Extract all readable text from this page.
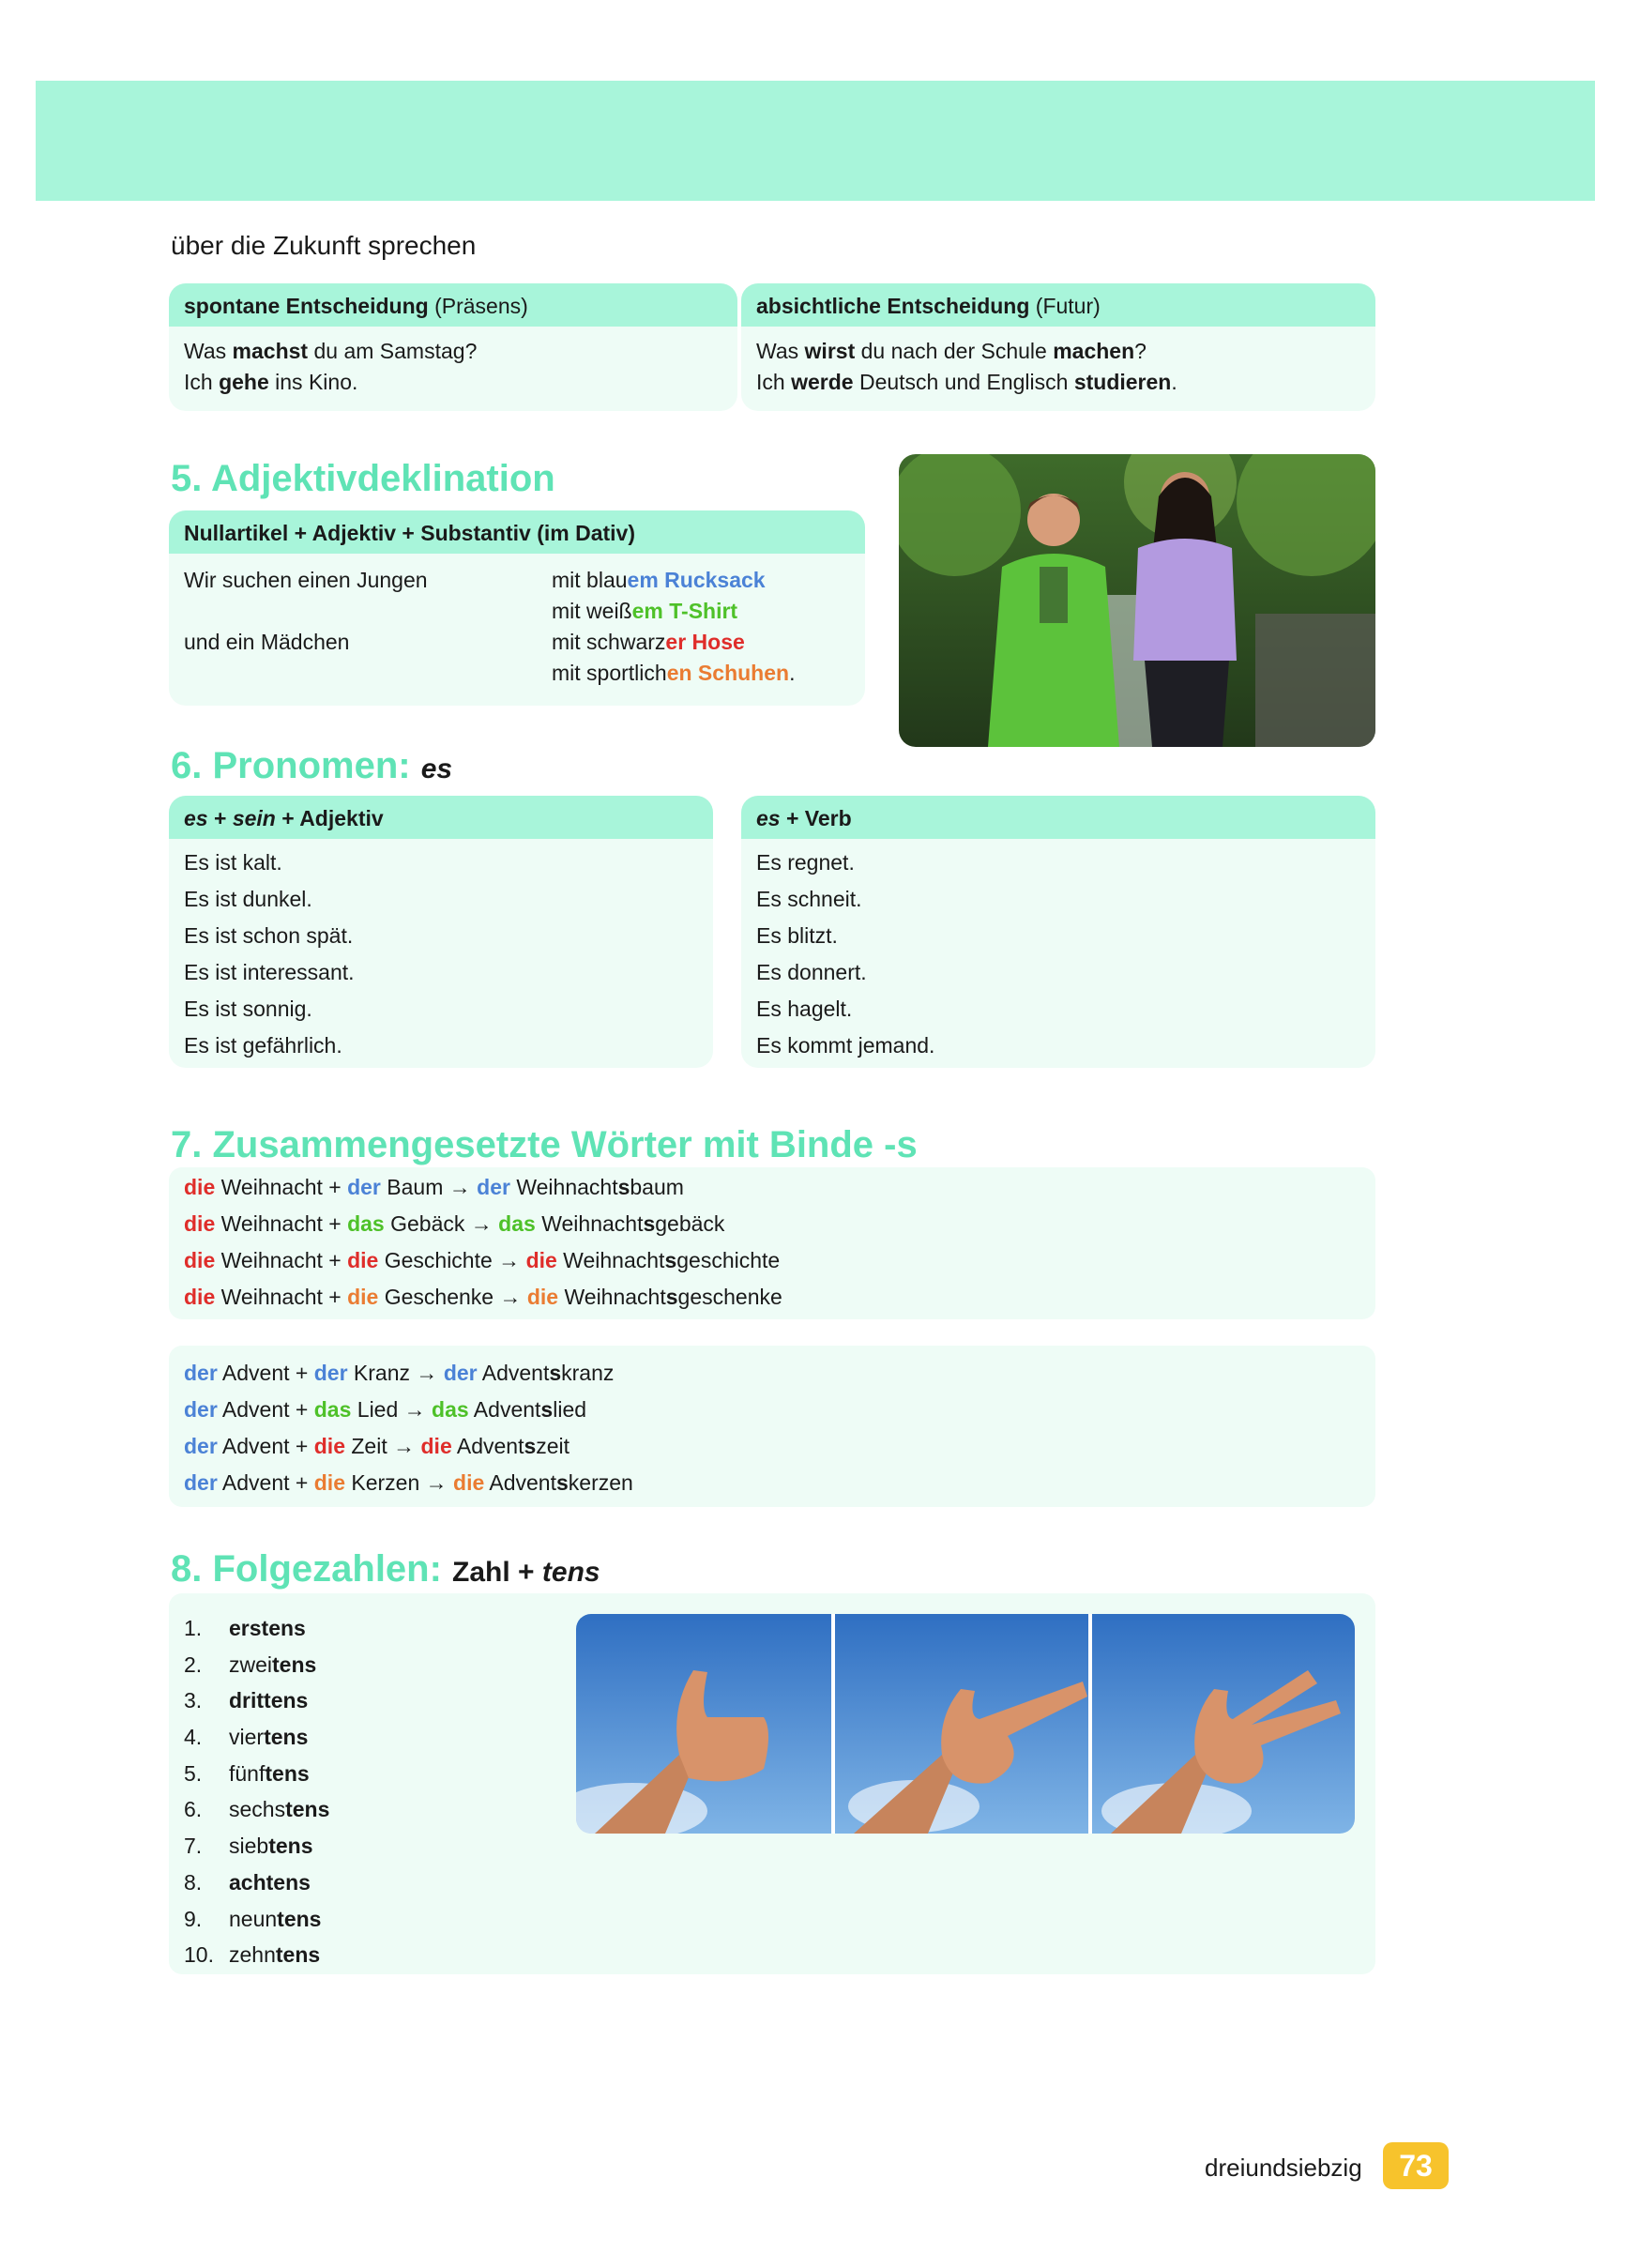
über die Zukunft sprechen
spontane Entscheidung (Präsens)
Was machst du am Samstag?
Ich gehe ins Kino.
absichtliche Entscheidung (Futur)
Was wirst du nach der Schule machen?
Ich werde Deutsch und Englisch studieren.
5. Adjektivdeklination
Nullartikel + Adjektiv + Substantiv (im Dativ)
Wir suchen einen Jungen	mit blauem Rucksack
mit weißem T-Shirt
und ein Mädchen	mit schwarzer Hose
mit sportlichen Schuhen.
6. Pronomen: es
es + sein + Adjektiv
Es ist kalt.
Es ist dunkel.
Es ist schon spät.
Es ist interessant.
Es ist sonnig.
Es ist gefährlich.
es + Verb
Es regnet.
Es schneit.
Es blitzt.
Es donnert.
Es hagelt.
Es kommt jemand.
7. Zusammengesetzte Wörter mit Binde -s
die Weihnacht + der Baum → der Weihnachtsbaum
die Weihnacht + das Gebäck → das Weihnachtsgebäck
die Weihnacht + die Geschichte → die Weihnachtsgeschichte
die Weihnacht + die Geschenke → die Weihnachtsgeschenke
der Advent + der Kranz → der Adventskranz
der Advent + das Lied → das Adventslied
der Advent + die Zeit → die Adventszeit
der Advent + die Kerzen → die Adventskerzen
8. Folgezahlen: Zahl + tens
1. erstens
2. zweitens
3. drittens
4. viertens
5. fünftens
6. sechstens
7. siebtens
8. achtens
9. neuntens
10. zehntens
dreiundsiebzig	73
